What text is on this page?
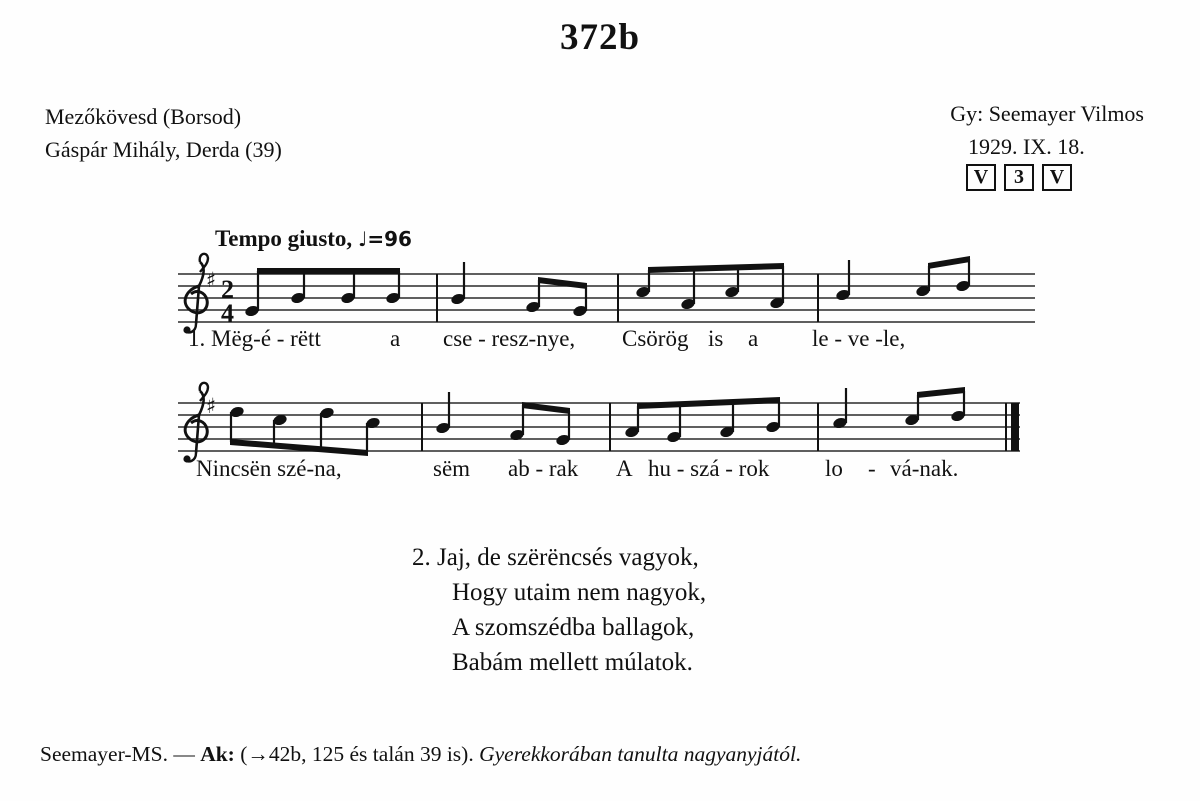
372b
Mezőkövesd (Borsod)
Gáspár Mihály, Derda (39)
Gy: Seemayer Vilmos
1929. IX. 18.
V 3 V
Tempo giusto, ♩=96
♯ 2
4
1. Mëg-é - rëtt	a cse - resz-nye, Csörög is a le - ve -le,
♯
Nincsën szé-na,	sëm ab - rak A hu - szá - rok lo - vá-nak.
2. Jaj, de szërëncsés vagyok,
Hogy utaim nem nagyok,
A szomszédba ballagok,
Babám mellett múlatok.
Seemayer-MS. — Ak: (→42b, 125 és talán 39 is). Gyerekkorában tanulta nagyanyjától.
